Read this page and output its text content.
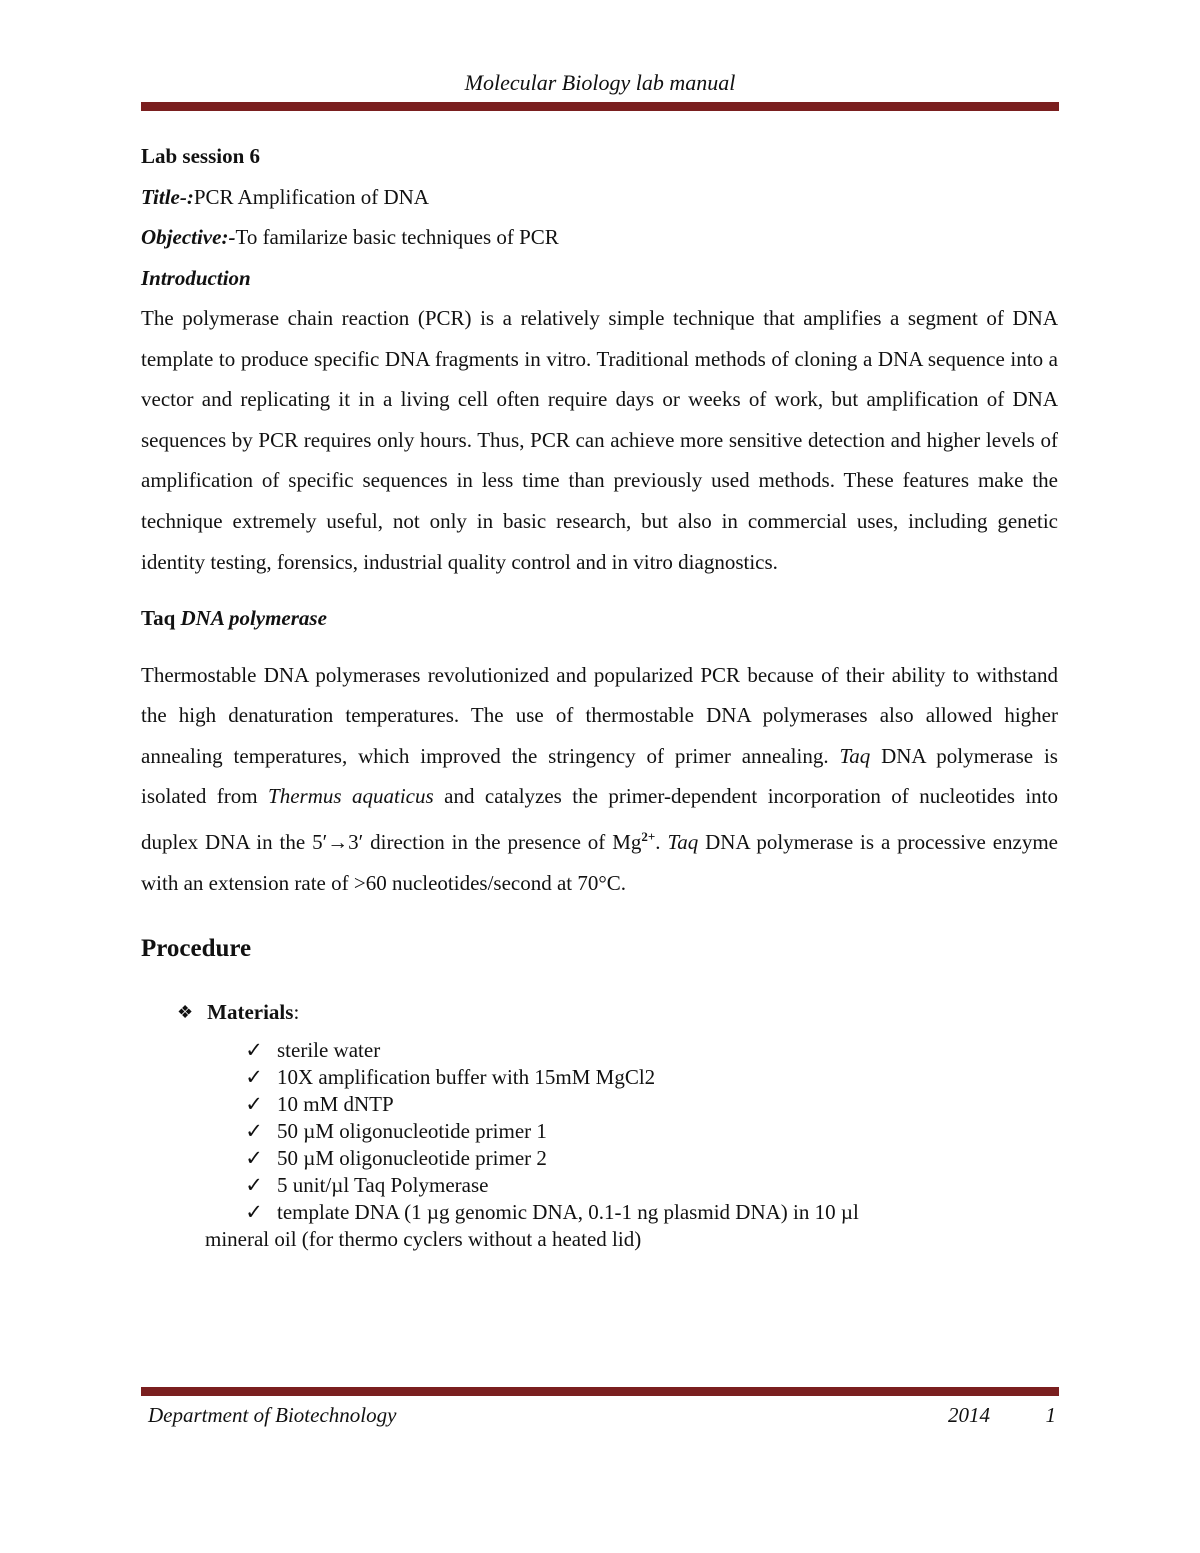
Molecular Biology lab manual

Lab session 6

Title-:PCR Amplification of DNA

Objective:-To familarize basic techniques of PCR

Introduction

The polymerase chain reaction (PCR) is a relatively simple technique that amplifies a segment of DNA template to produce specific DNA fragments in vitro. Traditional methods of cloning a DNA sequence into a vector and replicating it in a living cell often require days or weeks of work, but amplification of DNA sequences by PCR requires only hours. Thus, PCR can achieve more sensitive detection and higher levels of amplification of specific sequences in less time than previously used methods. These features make the technique extremely useful, not only in basic research, but also in commercial uses, including genetic identity testing, forensics, industrial quality control and in vitro diagnostics.

Taq DNA polymerase

Thermostable DNA polymerases revolutionized and popularized PCR because of their ability to withstand the high denaturation temperatures. The use of thermostable DNA polymerases also allowed higher annealing temperatures, which improved the stringency of primer annealing. Taq DNA polymerase is isolated from Thermus aquaticus and catalyzes the primer-dependent incorporation of nucleotides into duplex DNA in the 5′→3′ direction in the presence of $Mg^{2+}$. Taq DNA polymerase is a processive enzyme with an extension rate of >60 nucleotides/second at 70°C.

Procedure

❖ Materials:
✓ sterile water
✓ 10X amplification buffer with 15mM MgCl2
✓ 10 mM dNTP
✓ 50 µM oligonucleotide primer 1
✓ 50 µM oligonucleotide primer 2
✓ 5 unit/µl Taq Polymerase
✓ template DNA (1 µg genomic DNA, 0.1-1 ng plasmid DNA) in 10 µl
mineral oil (for thermo cyclers without a heated lid)
Department of Biotechnology	2014	1
